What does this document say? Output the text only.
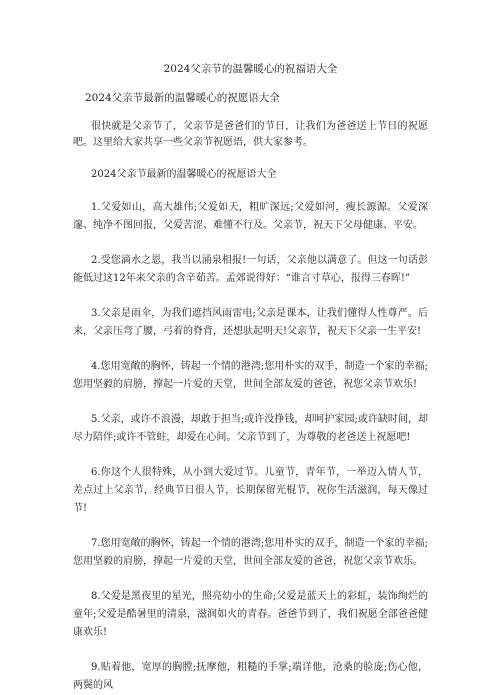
2024父亲节的温馨暖心的祝福语大全
2024父亲节最新的温馨暖心的祝愿语大全

很快就是父亲节了，父亲节是爸爸们的节日，让我们为爸爸送上节日的祝愿吧。这里给大家共享一些父亲节祝愿语，供大家参考。

2024父亲节最新的温馨暖心的祝愿语大全
1.父爱如山，高大雄伟;父爱如天，粗旷深远;父爱如河，瘦长源源。父爱深邃、纯净不图回报，父爱苦涩、难懂不行及。父亲节，祝天下父母健康、平安。
2.受您滴水之恩，我当以涌泉相报!一句话，父亲他以满意了。但这一句话彭能低过这12年来父亲的含辛茹苦。孟郊说得好：“谁言寸草心，报得三春晖!”
3.父亲是雨伞，为我们遮挡风雨雷电;父亲是课本，让我们懂得人性尊严。后来，父亲压弯了腰，弓着的脊背，还想驮起明天!父亲节，祝天下父亲一生平安!
4.您用宽敞的胸怀，铸起一个情的港湾;您用朴实的双手，制造一个家的幸福;您用坚毅的肩膀，撑起一片爱的天堂，世间全部友爱的爸爸，祝您父亲节欢乐!
5.父亲，或许不浪漫，却敢于担当;或许没挣钱，却呵护家园;或许缺时间，却尽力陪伴;或许不管蛀，却爱在心间。父亲节到了，为尊敬的老爸送上祝愿吧!
6.你这个人很特殊，从小到大爱过节。儿童节，青年节，一举迈入情人节，差点过上父亲节，经典节日很人节，长期保留光棍节，祝你生活滋润，每天像过节!
7.您用宽敞的胸怀，铸起一个情的港湾;您用朴实的双手，制造一个家的幸福;您用坚毅的肩膀，撑起一片爱的天堂，世间全部友爱的爸爸，祝您父亲节欢乐。
8.父爱是黑夜里的星光，照亮幼小的生命;父爱是蓝天上的彩虹，装饰绚烂的童年;父爱是酷暑里的清泉，滋润如火的青春。爸爸节到了，我们祝愿全部爸爸健康欢乐!
9.贴着他，宽厚的胸膛;抚摩他，粗糙的手掌;端详他，沧桑的脸庞;伤心他，两鬓的风
